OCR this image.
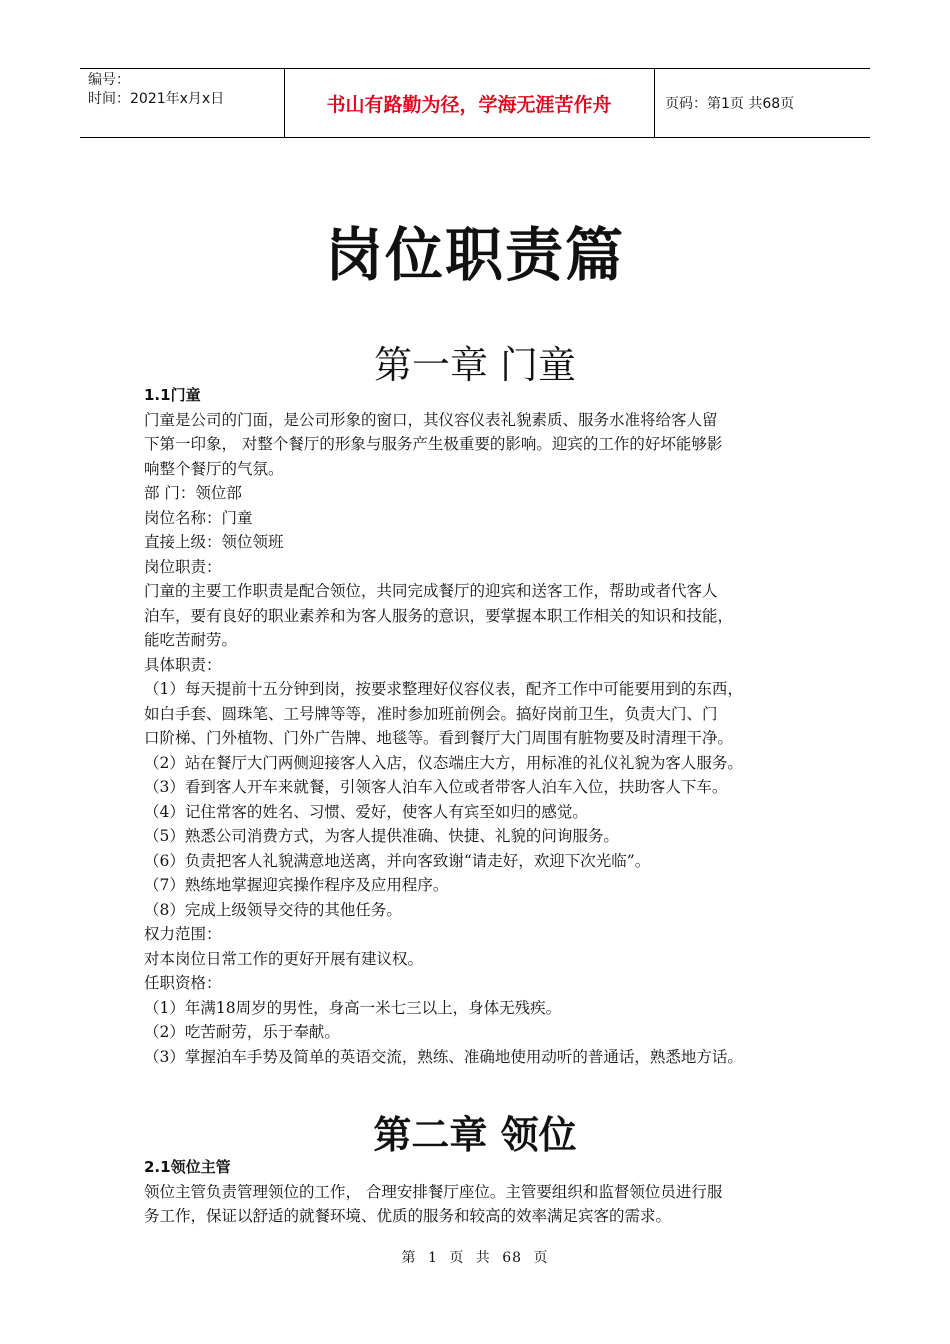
编号：
时间：2021年x月x日	书山有路勤为径，学海无涯苦作舟	页码：第1页 共68页
岗位职责篇
第一章 门童

1.1门童

门童是公司的门面，是公司形象的窗口，其仪容仪表礼貌素质、服务水准将给客人留

下第一印象， 对整个餐厅的形象与服务产生极重要的影响。迎宾的工作的好坏能够影

响整个餐厅的气氛。

部 门：领位部

岗位名称：门童

直接上级：领位领班

岗位职责：

门童的主要工作职责是配合领位，共同完成餐厅的迎宾和送客工作，帮助或者代客人

泊车，要有良好的职业素养和为客人服务的意识，要掌握本职工作相关的知识和技能，

能吃苦耐劳。

具体职责：

（1）每天提前十五分钟到岗，按要求整理好仪容仪表，配齐工作中可能要用到的东西，

如白手套、圆珠笔、工号牌等等，准时参加班前例会。搞好岗前卫生，负责大门、门

口阶梯、门外植物、门外广告牌、地毯等。看到餐厅大门周围有脏物要及时清理干净。

（2）站在餐厅大门两侧迎接客人入店，仪态端庄大方，用标准的礼仪礼貌为客人服务。

（3）看到客人开车来就餐，引领客人泊车入位或者带客人泊车入位，扶助客人下车。

（4）记住常客的姓名、习惯、爱好，使客人有宾至如归的感觉。

（5）熟悉公司消费方式，为客人提供准确、快捷、礼貌的问询服务。

（6）负责把客人礼貌满意地送离，并向客致谢“请走好，欢迎下次光临”。

（7）熟练地掌握迎宾操作程序及应用程序。

（8）完成上级领导交待的其他任务。

权力范围：

对本岗位日常工作的更好开展有建议权。

任职资格：

（1）年满18周岁的男性，身高一米七三以上，身体无残疾。

（2）吃苦耐劳，乐于奉献。

（3）掌握泊车手势及简单的英语交流，熟练、准确地使用动听的普通话，熟悉地方话。

第二章 领位

2.1领位主管

领位主管负责管理领位的工作， 合理安排餐厅座位。主管要组织和监督领位员进行服

务工作，保证以舒适的就餐环境、优质的服务和较高的效率满足宾客的需求。

第 1 页 共 68 页
